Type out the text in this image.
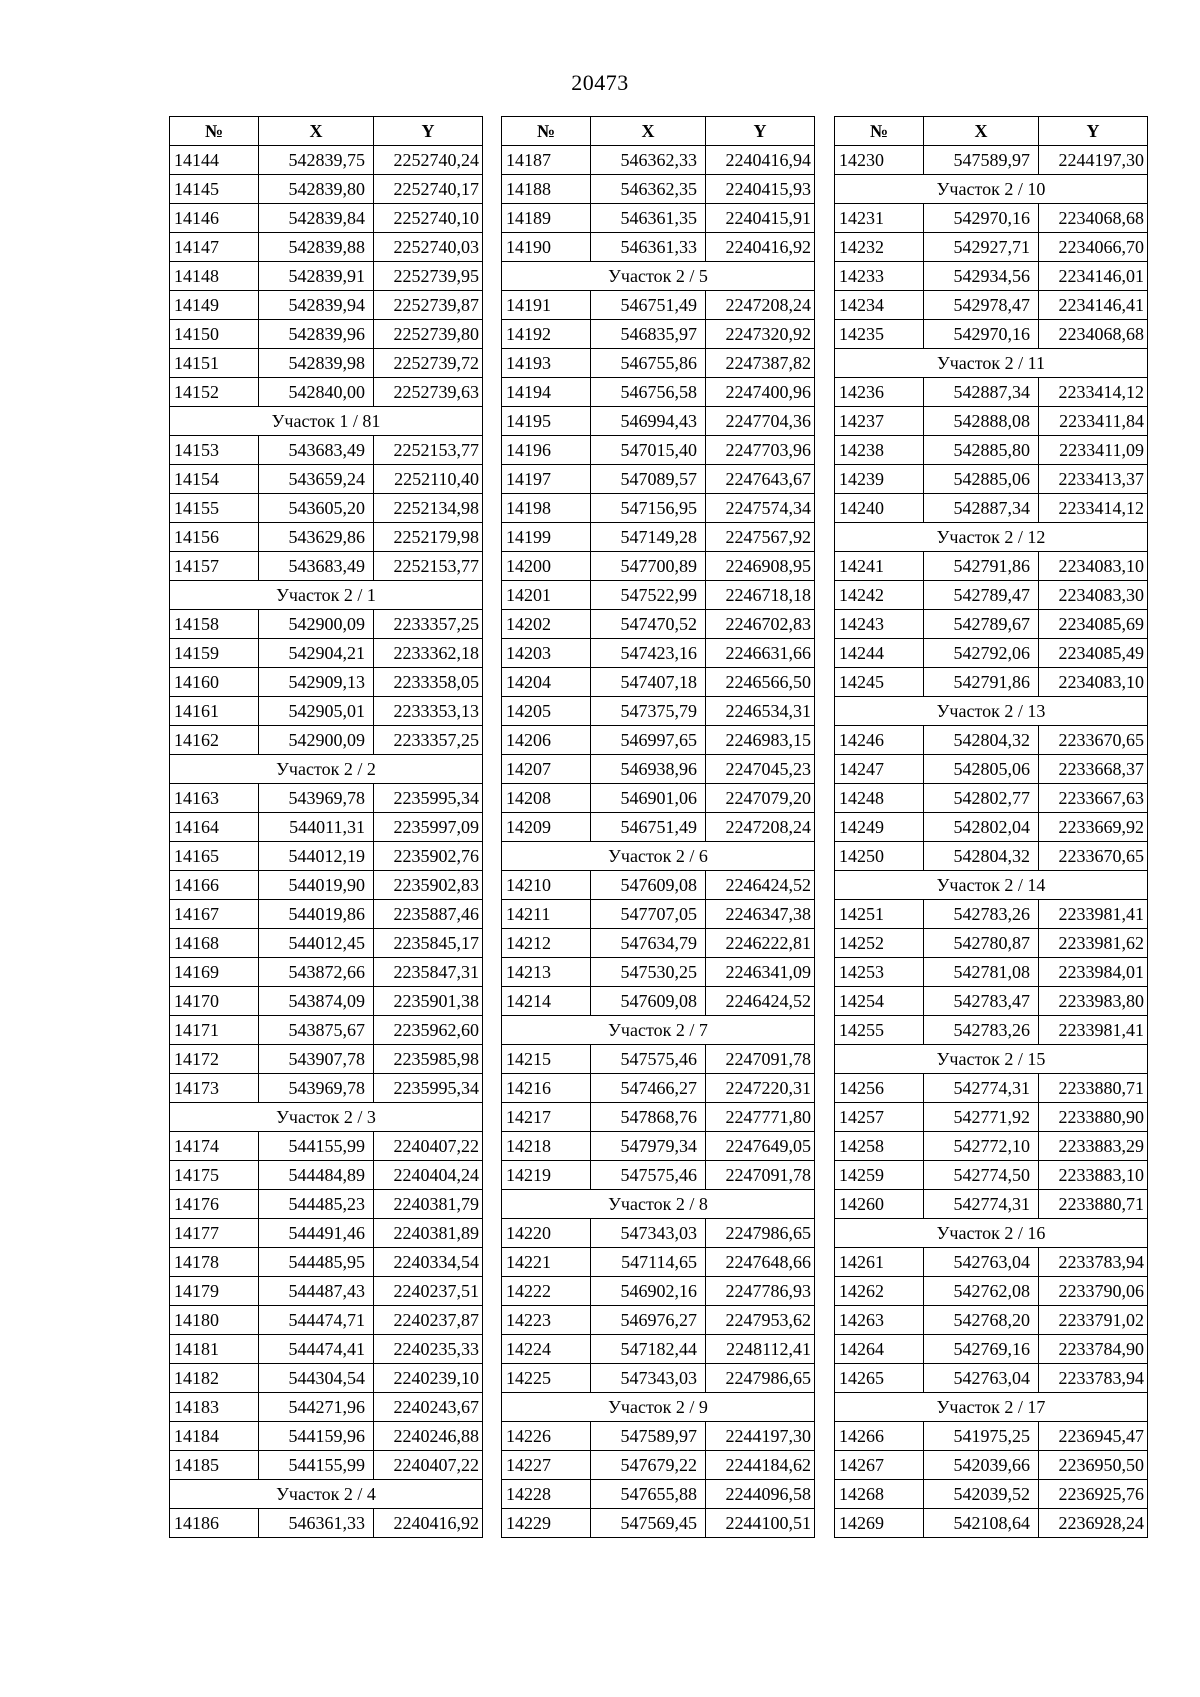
20473
№	X	Y
14144	542839,75	2252740,24
14145	542839,80	2252740,17
14146	542839,84	2252740,10
14147	542839,88	2252740,03
14148	542839,91	2252739,95
14149	542839,94	2252739,87
14150	542839,96	2252739,80
14151	542839,98	2252739,72
14152	542840,00	2252739,63
Участок 1 / 81		
14153	543683,49	2252153,77
14154	543659,24	2252110,40
14155	543605,20	2252134,98
14156	543629,86	2252179,98
14157	543683,49	2252153,77
Участок 2 / 1		
14158	542900,09	2233357,25
14159	542904,21	2233362,18
14160	542909,13	2233358,05
14161	542905,01	2233353,13
14162	542900,09	2233357,25
Участок 2 / 2		
14163	543969,78	2235995,34
14164	544011,31	2235997,09
14165	544012,19	2235902,76
14166	544019,90	2235902,83
14167	544019,86	2235887,46
14168	544012,45	2235845,17
14169	543872,66	2235847,31
14170	543874,09	2235901,38
14171	543875,67	2235962,60
14172	543907,78	2235985,98
14173	543969,78	2235995,34
Участок 2 / 3		
14174	544155,99	2240407,22
14175	544484,89	2240404,24
14176	544485,23	2240381,79
14177	544491,46	2240381,89
14178	544485,95	2240334,54
14179	544487,43	2240237,51
14180	544474,71	2240237,87
14181	544474,41	2240235,33
14182	544304,54	2240239,10
14183	544271,96	2240243,67
14184	544159,96	2240246,88
14185	544155,99	2240407,22
Участок 2 / 4		
14186	546361,33	2240416,92
№	X	Y
14187	546362,33	2240416,94
14188	546362,35	2240415,93
14189	546361,35	2240415,91
14190	546361,33	2240416,92
Участок 2 / 5		
14191	546751,49	2247208,24
14192	546835,97	2247320,92
14193	546755,86	2247387,82
14194	546756,58	2247400,96
14195	546994,43	2247704,36
14196	547015,40	2247703,96
14197	547089,57	2247643,67
14198	547156,95	2247574,34
14199	547149,28	2247567,92
14200	547700,89	2246908,95
14201	547522,99	2246718,18
14202	547470,52	2246702,83
14203	547423,16	2246631,66
14204	547407,18	2246566,50
14205	547375,79	2246534,31
14206	546997,65	2246983,15
14207	546938,96	2247045,23
14208	546901,06	2247079,20
14209	546751,49	2247208,24
Участок 2 / 6		
14210	547609,08	2246424,52
14211	547707,05	2246347,38
14212	547634,79	2246222,81
14213	547530,25	2246341,09
14214	547609,08	2246424,52
Участок 2 / 7		
14215	547575,46	2247091,78
14216	547466,27	2247220,31
14217	547868,76	2247771,80
14218	547979,34	2247649,05
14219	547575,46	2247091,78
Участок 2 / 8		
14220	547343,03	2247986,65
14221	547114,65	2247648,66
14222	546902,16	2247786,93
14223	546976,27	2247953,62
14224	547182,44	2248112,41
14225	547343,03	2247986,65
Участок 2 / 9		
14226	547589,97	2244197,30
14227	547679,22	2244184,62
14228	547655,88	2244096,58
14229	547569,45	2244100,51
№	X	Y
14230	547589,97	2244197,30
Участок 2 / 10		
14231	542970,16	2234068,68
14232	542927,71	2234066,70
14233	542934,56	2234146,01
14234	542978,47	2234146,41
14235	542970,16	2234068,68
Участок 2 / 11		
14236	542887,34	2233414,12
14237	542888,08	2233411,84
14238	542885,80	2233411,09
14239	542885,06	2233413,37
14240	542887,34	2233414,12
Участок 2 / 12		
14241	542791,86	2234083,10
14242	542789,47	2234083,30
14243	542789,67	2234085,69
14244	542792,06	2234085,49
14245	542791,86	2234083,10
Участок 2 / 13		
14246	542804,32	2233670,65
14247	542805,06	2233668,37
14248	542802,77	2233667,63
14249	542802,04	2233669,92
14250	542804,32	2233670,65
Участок 2 / 14		
14251	542783,26	2233981,41
14252	542780,87	2233981,62
14253	542781,08	2233984,01
14254	542783,47	2233983,80
14255	542783,26	2233981,41
Участок 2 / 15		
14256	542774,31	2233880,71
14257	542771,92	2233880,90
14258	542772,10	2233883,29
14259	542774,50	2233883,10
14260	542774,31	2233880,71
Участок 2 / 16		
14261	542763,04	2233783,94
14262	542762,08	2233790,06
14263	542768,20	2233791,02
14264	542769,16	2233784,90
14265	542763,04	2233783,94
Участок 2 / 17		
14266	541975,25	2236945,47
14267	542039,66	2236950,50
14268	542039,52	2236925,76
14269	542108,64	2236928,24
